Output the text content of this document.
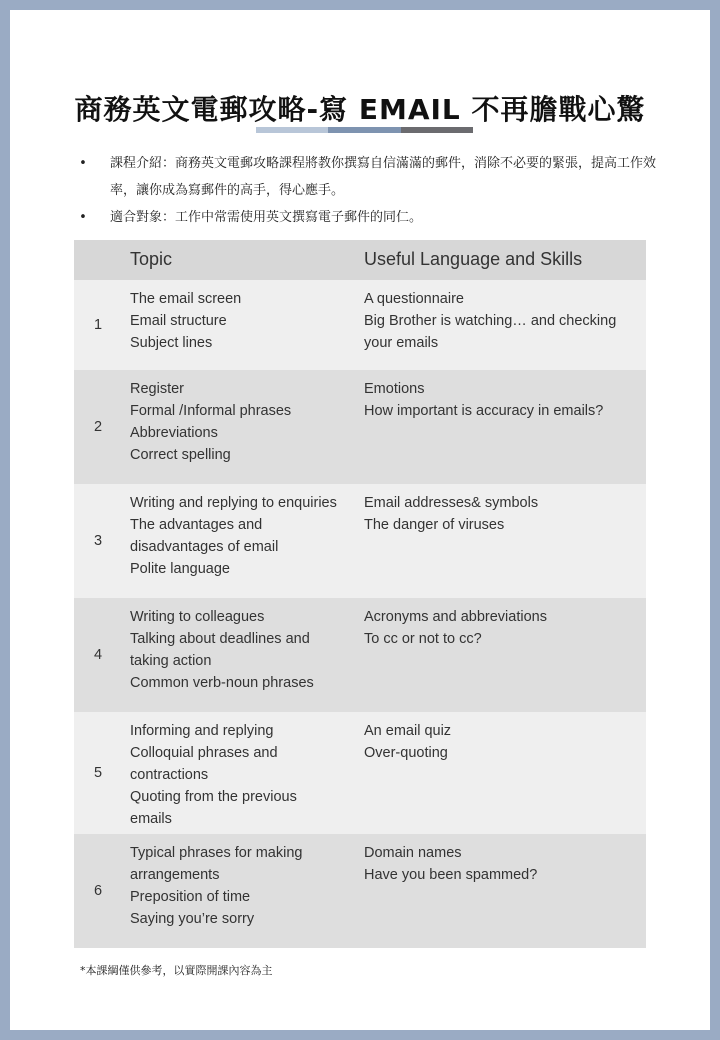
商務英文電郵攻略-寫 EMAIL 不再膽戰心驚
• 課程介紹：商務英文電郵攻略課程將教你撰寫自信滿滿的郵件，消除不必要的緊張，提高工作效率，讓你成為寫郵件的高手，得心應手。
• 適合對象：工作中常需使用英文撰寫電子郵件的同仁。
Topic	Useful Language and Skills
1
The email screen
Email structure
Subject lines
A questionnaire
Big Brother is watching… and checking
your emails
2
Register
Formal /Informal phrases
Abbreviations
Correct spelling
Emotions
How important is accuracy in emails?
3
Writing and replying to enquiries
The advantages and
disadvantages of email
Polite language
Email addresses& symbols
The danger of viruses
4
Writing to colleagues
Talking about deadlines and
taking action
Common verb-noun phrases
Acronyms and abbreviations
To cc or not to cc?
5
Informing and replying
Colloquial phrases and
contractions
Quoting from the previous
emails
An email quiz
Over-quoting
6
Typical phrases for making
arrangements
Preposition of time
Saying you’re sorry
Domain names
Have you been spammed?
*本課綱僅供參考，以實際開課內容為主
